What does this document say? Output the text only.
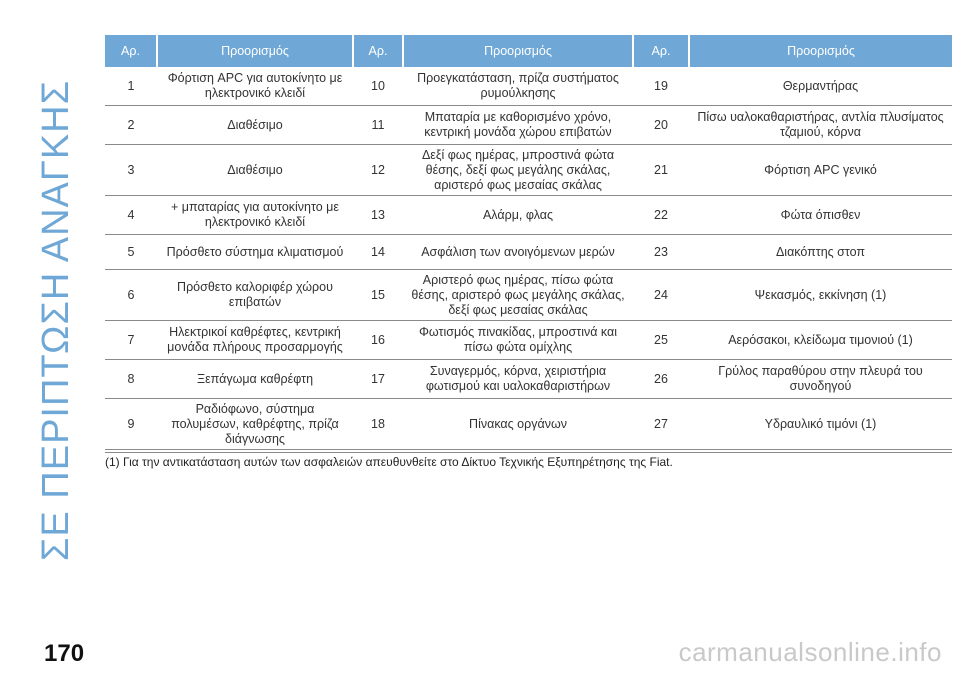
ΣΕ ΠΕΡΙΠΤΩΣΗ ΑΝΑΓΚΗΣ
Αρ.	Προορισμός	Αρ.	Προορισμός	Αρ.	Προορισμός
1	Φόρτιση APC για αυτοκίνητο με ηλεκτρονικό κλειδί	10	Προεγκατάσταση, πρίζα συστήματος ρυμούλκησης	19	Θερμαντήρας
2	Διαθέσιμο	11	Μπαταρία με καθορισμένο χρόνο, κεντρική μονάδα χώρου επιβατών	20	Πίσω υαλοκαθαριστήρας, αντλία πλυσίματος τζαμιού, κόρνα
3	Διαθέσιμο	12	Δεξί φως ημέρας, μπροστινά φώτα θέσης, δεξί φως μεγάλης σκάλας, αριστερό φως μεσαίας σκάλας	21	Φόρτιση APC γενικό
4	+ μπαταρίας για αυτοκίνητο με ηλεκτρονικό κλειδί	13	Αλάρμ, φλας	22	Φώτα όπισθεν
5	Πρόσθετο σύστημα κλιματισμού	14	Ασφάλιση των ανοιγόμενων μερών	23	Διακόπτης στοπ
6	Πρόσθετο καλοριφέρ χώρου επιβατών	15	Αριστερό φως ημέρας, πίσω φώτα θέσης, αριστερό φως μεγάλης σκάλας, δεξί φως μεσαίας σκάλας	24	Ψεκασμός, εκκίνηση (1)
7	Ηλεκτρικοί καθρέφτες, κεντρική μονάδα πλήρους προσαρμογής	16	Φωτισμός πινακίδας, μπροστινά και πίσω φώτα ομίχλης	25	Αερόσακοι, κλείδωμα τιμονιού (1)
8	Ξεπάγωμα καθρέφτη	17	Συναγερμός, κόρνα, χειριστήρια φωτισμού και υαλοκαθαριστήρων	26	Γρύλος παραθύρου στην πλευρά του συνοδηγού
9	Ραδιόφωνο, σύστημα πολυμέσων, καθρέφτης, πρίζα διάγνωσης	18	Πίνακας οργάνων	27	Υδραυλικό τιμόνι (1)
(1) Για την αντικατάσταση αυτών των ασφαλειών απευθυνθείτε στο Δίκτυο Τεχνικής Εξυπηρέτησης της Fiat.
170	carmanualsonline.info
